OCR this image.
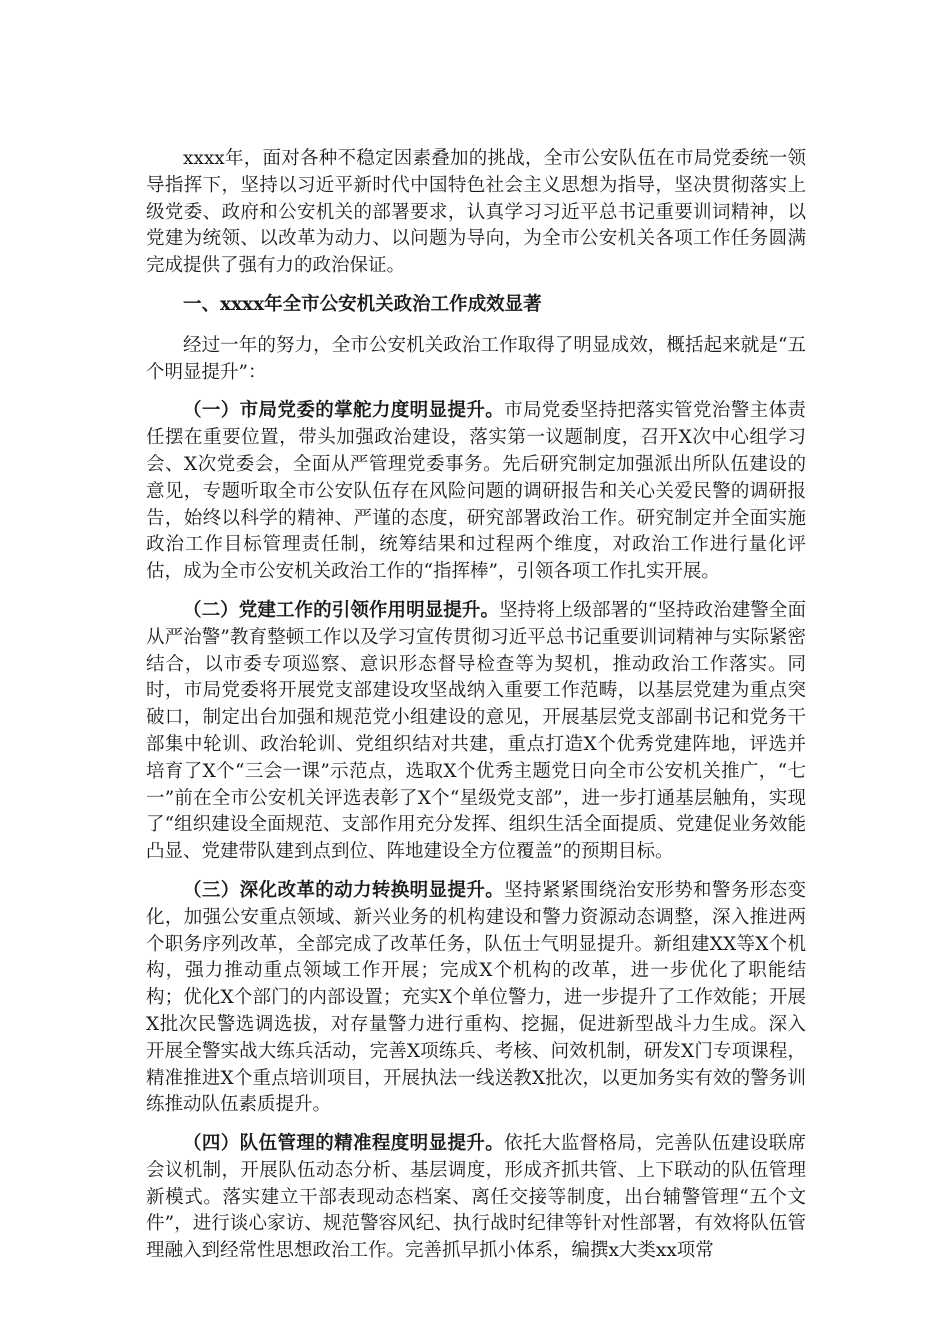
xxxx年，面对各种不稳定因素叠加的挑战，全市公安队伍在市局党委统一领导指挥下，坚持以习近平新时代中国特色社会主义思想为指导，坚决贯彻落实上级党委、政府和公安机关的部署要求，认真学习习近平总书记重要训词精神，以党建为统领、以改革为动力、以问题为导向，为全市公安机关各项工作任务圆满完成提供了强有力的政治保证。

一、xxxx年全市公安机关政治工作成效显著

经过一年的努力，全市公安机关政治工作取得了明显成效，概括起来就是“五个明显提升”：

（一）市局党委的掌舵力度明显提升。市局党委坚持把落实管党治警主体责任摆在重要位置，带头加强政治建设，落实第一议题制度，召开X次中心组学习会、X次党委会，全面从严管理党委事务。先后研究制定加强派出所队伍建设的意见，专题听取全市公安队伍存在风险问题的调研报告和关心关爱民警的调研报告，始终以科学的精神、严谨的态度，研究部署政治工作。研究制定并全面实施政治工作目标管理责任制，统筹结果和过程两个维度，对政治工作进行量化评估，成为全市公安机关政治工作的“指挥棒”，引领各项工作扎实开展。

（二）党建工作的引领作用明显提升。坚持将上级部署的“坚持政治建警全面从严治警”教育整顿工作以及学习宣传贯彻习近平总书记重要训词精神与实际紧密结合，以市委专项巡察、意识形态督导检查等为契机，推动政治工作落实。同时，市局党委将开展党支部建设攻坚战纳入重要工作范畴，以基层党建为重点突破口，制定出台加强和规范党小组建设的意见，开展基层党支部副书记和党务干部集中轮训、政治轮训、党组织结对共建，重点打造X个优秀党建阵地，评选并培育了X个“三会一课”示范点，选取X个优秀主题党日向全市公安机关推广，“七一”前在全市公安机关评选表彰了X个“星级党支部”，进一步打通基层触角，实现了“组织建设全面规范、支部作用充分发挥、组织生活全面提质、党建促业务效能凸显、党建带队建到点到位、阵地建设全方位覆盖”的预期目标。

（三）深化改革的动力转换明显提升。坚持紧紧围绕治安形势和警务形态变化，加强公安重点领域、新兴业务的机构建设和警力资源动态调整，深入推进两个职务序列改革，全部完成了改革任务，队伍士气明显提升。新组建XX等X个机构，强力推动重点领域工作开展；完成X个机构的改革，进一步优化了职能结构；优化X个部门的内部设置；充实X个单位警力，进一步提升了工作效能；开展X批次民警选调选拔，对存量警力进行重构、挖掘，促进新型战斗力生成。深入开展全警实战大练兵活动，完善X项练兵、考核、问效机制，研发X门专项课程，精准推进X个重点培训项目，开展执法一线送教X批次，以更加务实有效的警务训练推动队伍素质提升。

（四）队伍管理的精准程度明显提升。依托大监督格局，完善队伍建设联席会议机制，开展队伍动态分析、基层调度，形成齐抓共管、上下联动的队伍管理新模式。落实建立干部表现动态档案、离任交接等制度，出台辅警管理“五个文件”，进行谈心家访、规范警容风纪、执行战时纪律等针对性部署，有效将队伍管理融入到经常性思想政治工作。完善抓早抓小体系，编撰x大类xx项常
